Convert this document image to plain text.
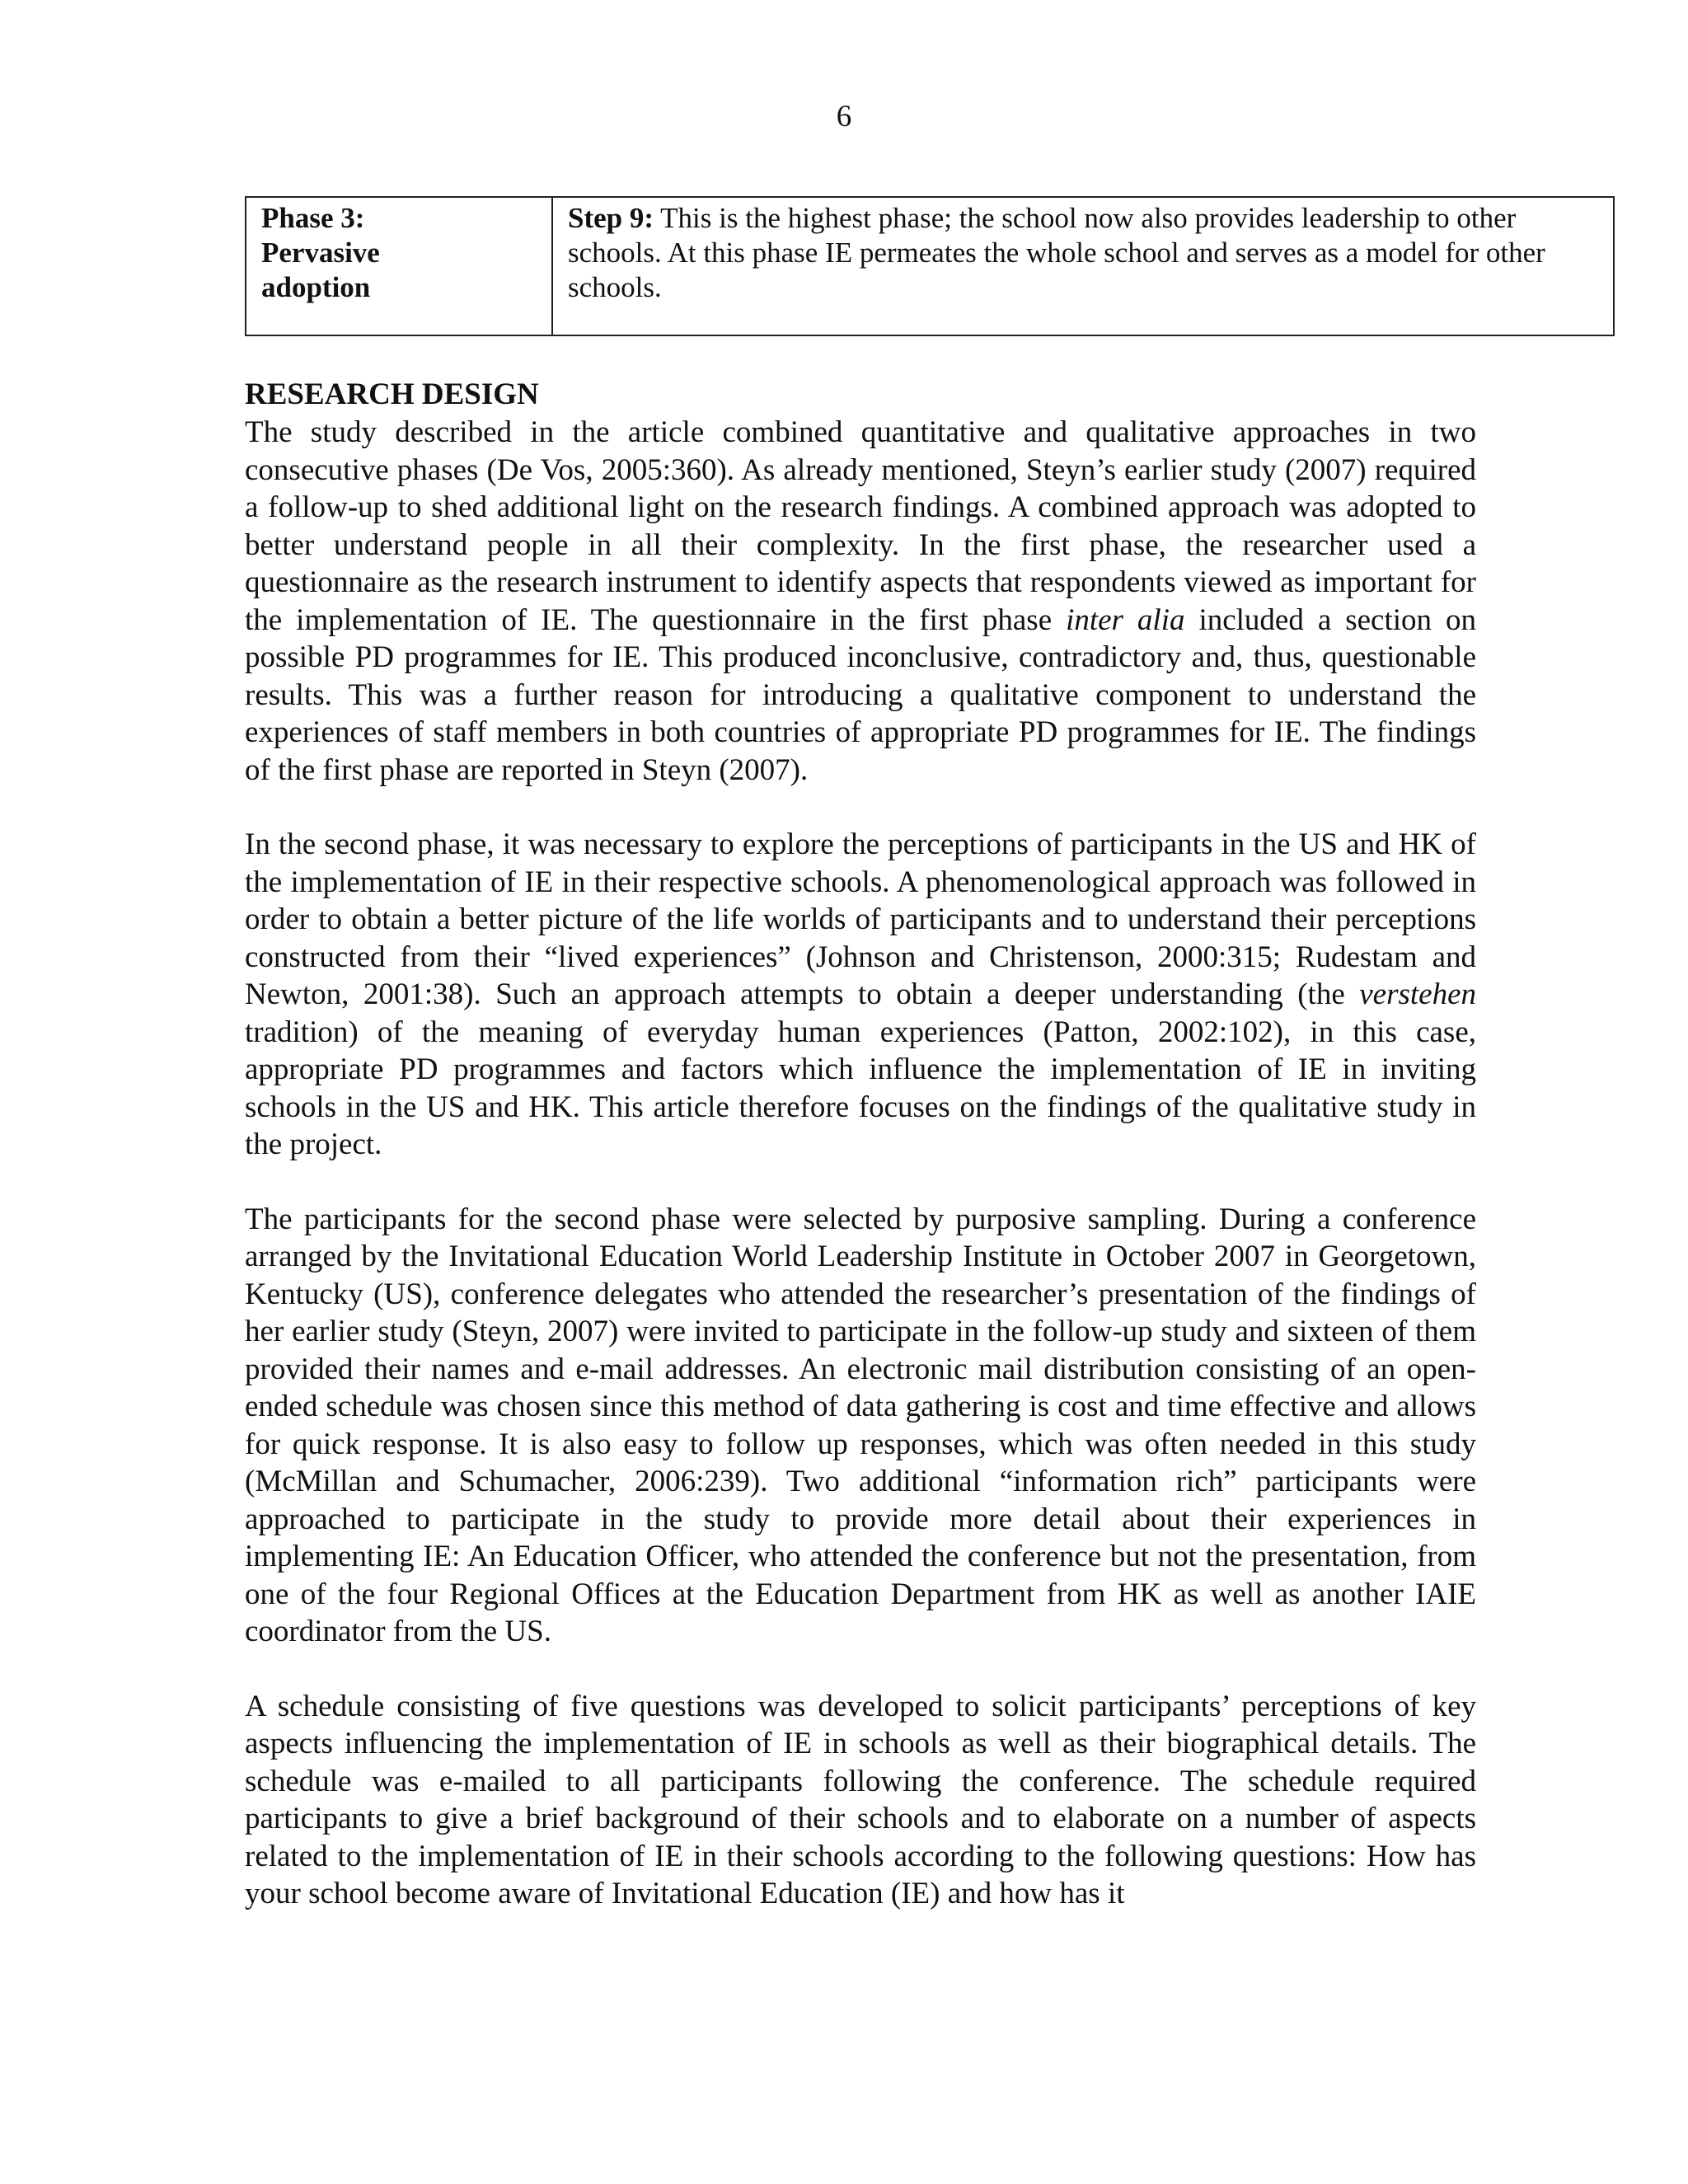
6
Phase 3:
Pervasive
adoption
	Step 9: This is the highest phase; the school now also provides leadership to other schools. At this phase IE permeates the whole school and serves as a model for other schools.
RESEARCH DESIGN

The study described in the article combined quantitative and qualitative approaches in two consecutive phases (De Vos, 2005:360). As already mentioned, Steyn’s earlier study (2007) required a follow-up to shed additional light on the research findings. A combined approach was adopted to better understand people in all their complexity. In the first phase, the researcher used a questionnaire as the research instrument to identify aspects that respondents viewed as important for the implementation of IE. The questionnaire in the first phase inter alia included a section on possible PD programmes for IE. This produced inconclusive, contradictory and, thus, questionable results. This was a further reason for introducing a qualitative component to understand the experiences of staff members in both countries of appropriate PD programmes for IE. The findings of the first phase are reported in Steyn (2007).

In the second phase, it was necessary to explore the perceptions of participants in the US and HK of the implementation of IE in their respective schools. A phenomenological approach was followed in order to obtain a better picture of the life worlds of participants and to understand their perceptions constructed from their “lived experiences” (Johnson and Christenson, 2000:315; Rudestam and Newton, 2001:38). Such an approach attempts to obtain a deeper understanding (the verstehen tradition) of the meaning of everyday human experiences (Patton, 2002:102), in this case, appropriate PD programmes and factors which influence the implementation of IE in inviting schools in the US and HK. This article therefore focuses on the findings of the qualitative study in the project.

The participants for the second phase were selected by purposive sampling. During a conference arranged by the Invitational Education World Leadership Institute in October 2007 in Georgetown, Kentucky (US), conference delegates who attended the researcher’s presentation of the findings of her earlier study (Steyn, 2007) were invited to participate in the follow-up study and sixteen of them provided their names and e-mail addresses. An electronic mail distribution consisting of an open-ended schedule was chosen since this method of data gathering is cost and time effective and allows for quick response. It is also easy to follow up responses, which was often needed in this study (McMillan and Schumacher, 2006:239). Two additional “information rich” participants were approached to participate in the study to provide more detail about their experiences in implementing IE: An Education Officer, who attended the conference but not the presentation, from one of the four Regional Offices at the Education Department from HK as well as another IAIE coordinator from the US.

A schedule consisting of five questions was developed to solicit participants’ perceptions of key aspects influencing the implementation of IE in schools as well as their biographical details. The schedule was e-mailed to all participants following the conference. The schedule required participants to give a brief background of their schools and to elaborate on a number of aspects related to the implementation of IE in their schools according to the following questions: How has your school become aware of Invitational Education (IE) and how has it
